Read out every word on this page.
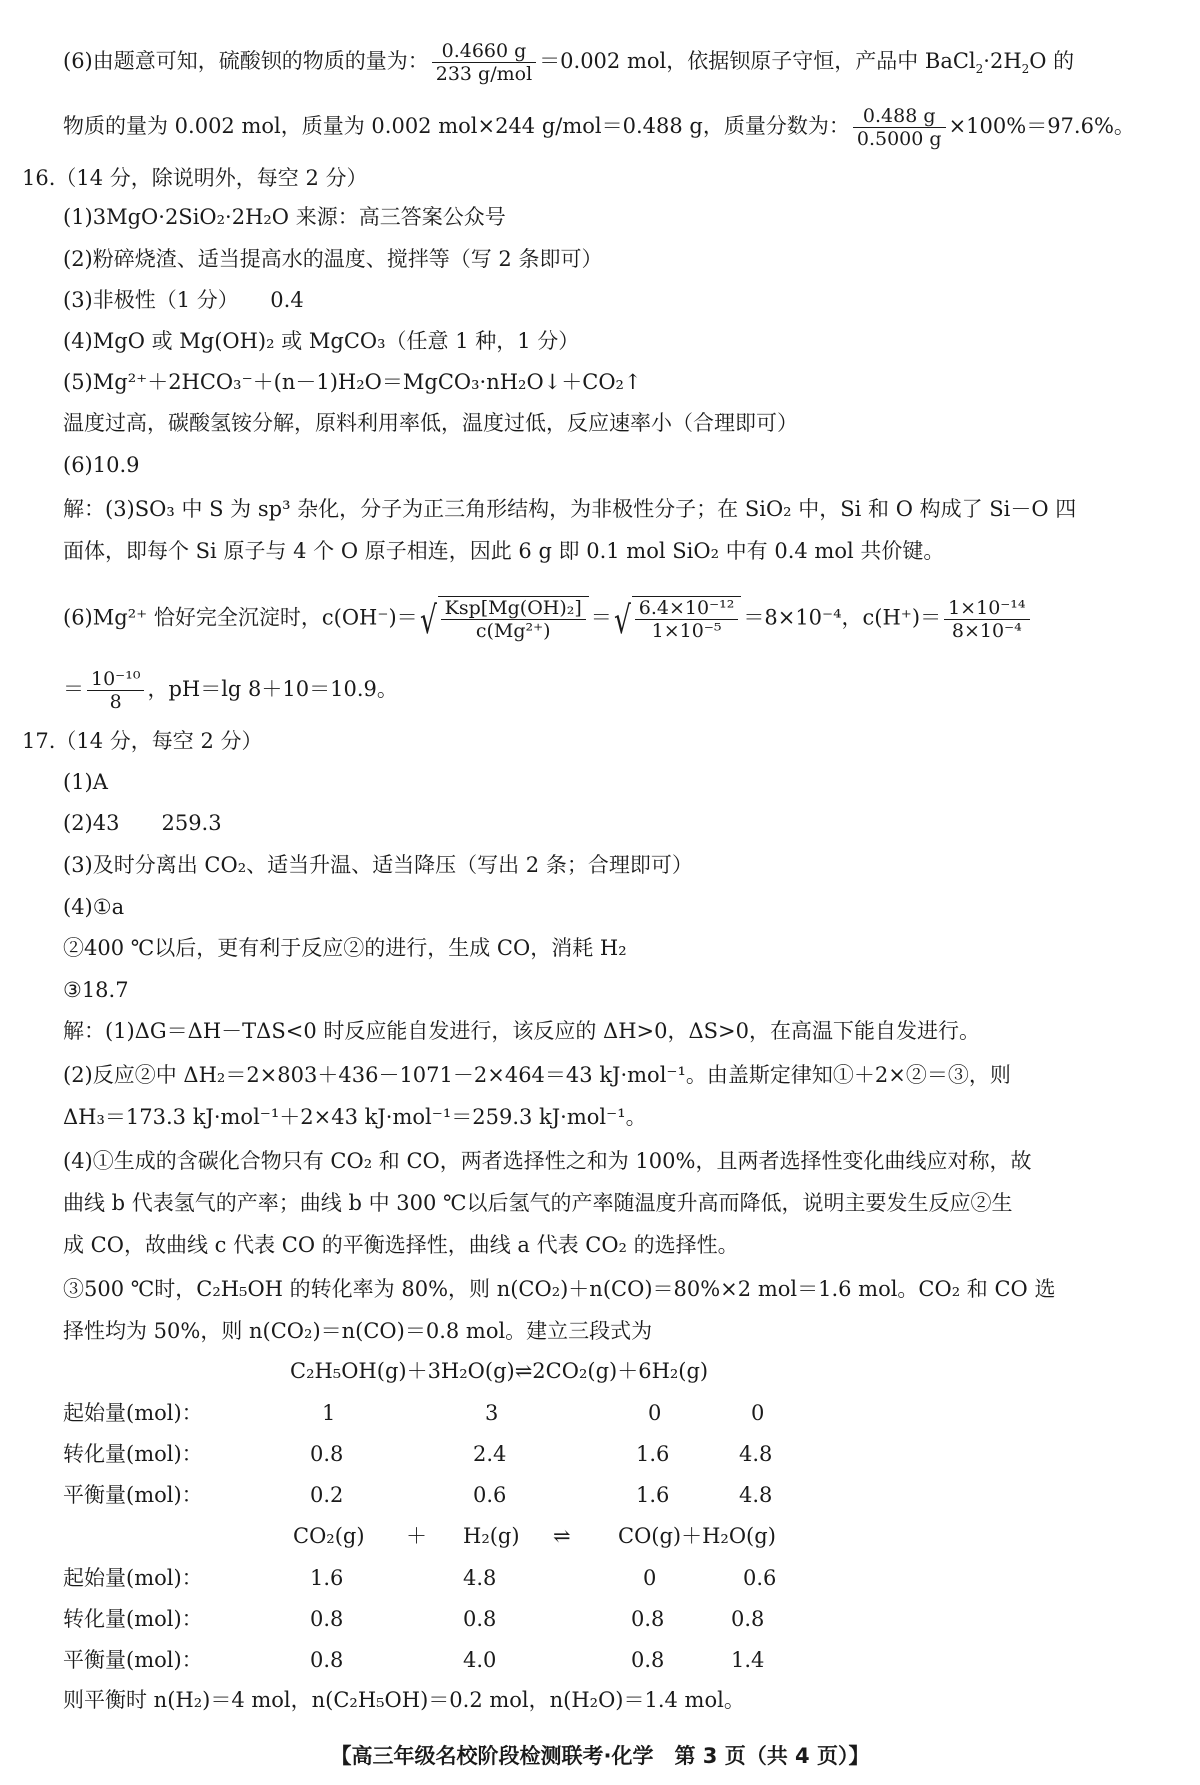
(6)由题意可知，硫酸钡的物质的量为： $\frac{0.4660 g}{\text{233 g/mol}} =0.002$ mol，依据钡原子守恒，产品中 $BaCl_2\cdot 2H_2O$ 的
物质的量为 0.002 mol，质量为 0.002 mol×244 g/mol＝0.488 g，质量分数为： $\frac{0.488 g}{0.5000 g} \times 100\%=97.6\%$。
16.（14 分，除说明外，每空 2 分）
(1)3MgO·2SiO₂·2H₂O 来源：高三答案公众号
(2)粉碎烧渣、适当提高水的温度、搅拌等（写 2 条即可）
(3)非极性（1 分）　　0.4
(4)MgO 或 Mg(OH)₂ 或 MgCO₃（任意 1 种，1 分）
(5)Mg²⁺＋2HCO₃⁻＋(n－1)H₂O＝MgCO₃·nH₂O↓＋CO₂↑
温度过高，碳酸氢铵分解，原料利用率低，温度过低，反应速率小（合理即可）
(6)10.9
解：(3)SO₃ 中 S 为 sp³ 杂化，分子为正三角形结构，为非极性分子；在 SiO₂ 中，Si 和 O 构成了 Si－O 四
面体，即每个 Si 原子与 4 个 O 原子相连，因此 6 g 即 0.1 mol SiO₂ 中有 0.4 mol 共价键。
(6)Mg²⁺ 恰好完全沉淀时，c(OH⁻)＝ √ $\frac{\text{Ksp[Mg(OH)₂]}}{\text{c(Mg²⁺)}}$ ＝ √ $\frac{\text{6.4×10⁻¹²}}{\text{1×10⁻⁵}} =8\times 10^{-4}$，$c(H^+)= \frac{\text{1×10⁻¹⁴}}{\text{8×10⁻⁴}}$
＝ $\frac{\text{10⁻¹⁰}}{8}$ ，pH＝lg 8＋10＝10.9。
17.（14 分，每空 2 分）
(1)A
(2)43　　259.3
(3)及时分离出 CO₂、适当升温、适当降压（写出 2 条；合理即可）
(4)①a
②400 ℃以后，更有利于反应②的进行，生成 CO，消耗 H₂
③18.7
解：(1)ΔG＝ΔH－TΔS<0 时反应能自发进行，该反应的 ΔH>0，ΔS>0，在高温下能自发进行。
(2)反应②中 ΔH₂＝2×803＋436－1071－2×464＝43 kJ·mol⁻¹。由盖斯定律知①＋2×②＝③，则
ΔH₃＝173.3 kJ·mol⁻¹＋2×43 kJ·mol⁻¹＝259.3 kJ·mol⁻¹。
(4)①生成的含碳化合物只有 CO₂ 和 CO，两者选择性之和为 100%，且两者选择性变化曲线应对称，故
曲线 b 代表氢气的产率；曲线 b 中 300 ℃以后氢气的产率随温度升高而降低，说明主要发生反应②生
成 CO，故曲线 c 代表 CO 的平衡选择性，曲线 a 代表 CO₂ 的选择性。
③500 ℃时，C₂H₅OH 的转化率为 80%，则 n(CO₂)＋n(CO)＝80%×2 mol＝1.6 mol。CO₂ 和 CO 选
择性均为 50%，则 n(CO₂)＝n(CO)＝0.8 mol。建立三段式为
C₂H₅OH(g)＋3H₂O(g)⇌2CO₂(g)＋6H₂(g)
起始量(mol)：	1	3	0	0
转化量(mol)：	0.8	2.4	1.6	4.8
平衡量(mol)：	0.2	0.6	1.6	4.8
CO₂(g) ＋ H₂(g) ⇌ CO(g)＋H₂O(g)
起始量(mol)：	1.6	4.8	0	0.6
转化量(mol)：	0.8	0.8	0.8	0.8
平衡量(mol)：	0.8	4.0	0.8	1.4
则平衡时 n(H₂)＝4 mol，n(C₂H₅OH)＝0.2 mol，n(H₂O)＝1.4 mol。
【高三年级名校阶段检测联考·化学　第 3 页（共 4 页）】
